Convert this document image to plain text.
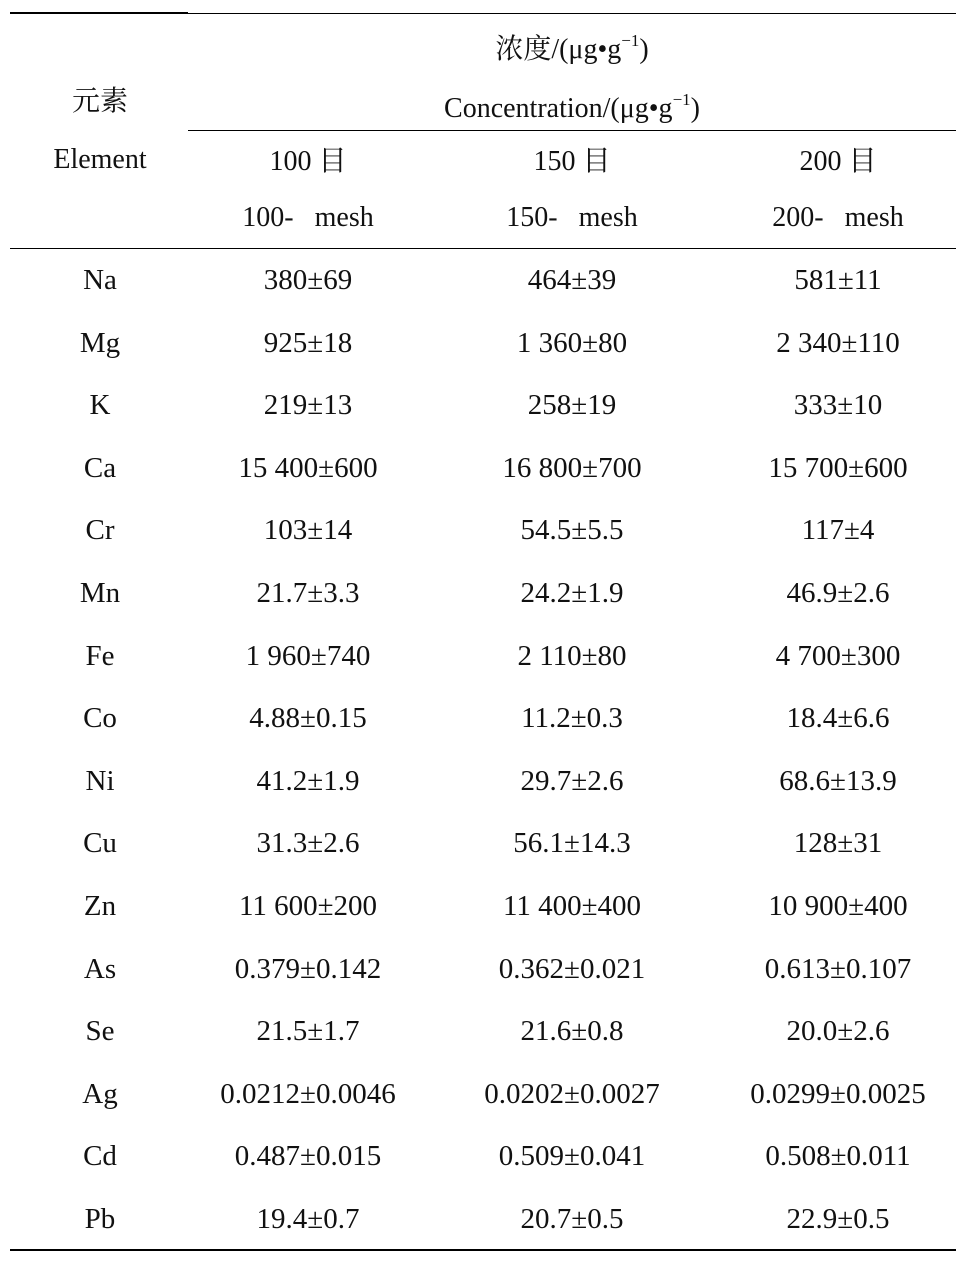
元素
Element
浓度$/(\mu g•g^{-1})$
Concentration/$(\mu g•g^{-1})$
100 目	150 目	200 目
100-   mesh	150-   mesh	200-   mesh
Na	380±69	464±39	581±11
Mg	925±18	1 360±80	2 340±110
K	219±13	258±19	333±10
Ca	15 400±600	16 800±700	15 700±600
Cr	103±14	54.5±5.5	117±4
Mn	21.7±3.3	24.2±1.9	46.9±2.6
Fe	1 960±740	2 110±80	4 700±300
Co	4.88±0.15	11.2±0.3	18.4±6.6
Ni	41.2±1.9	29.7±2.6	68.6±13.9
Cu	31.3±2.6	56.1±14.3	128±31
Zn	11 600±200	11 400±400	10 900±400
As	0.379±0.142	0.362±0.021	0.613±0.107
Se	21.5±1.7	21.6±0.8	20.0±2.6
Ag	0.0212±0.0046	0.0202±0.0027	0.0299±0.0025
Cd	0.487±0.015	0.509±0.041	0.508±0.011
Pb	19.4±0.7	20.7±0.5	22.9±0.5
